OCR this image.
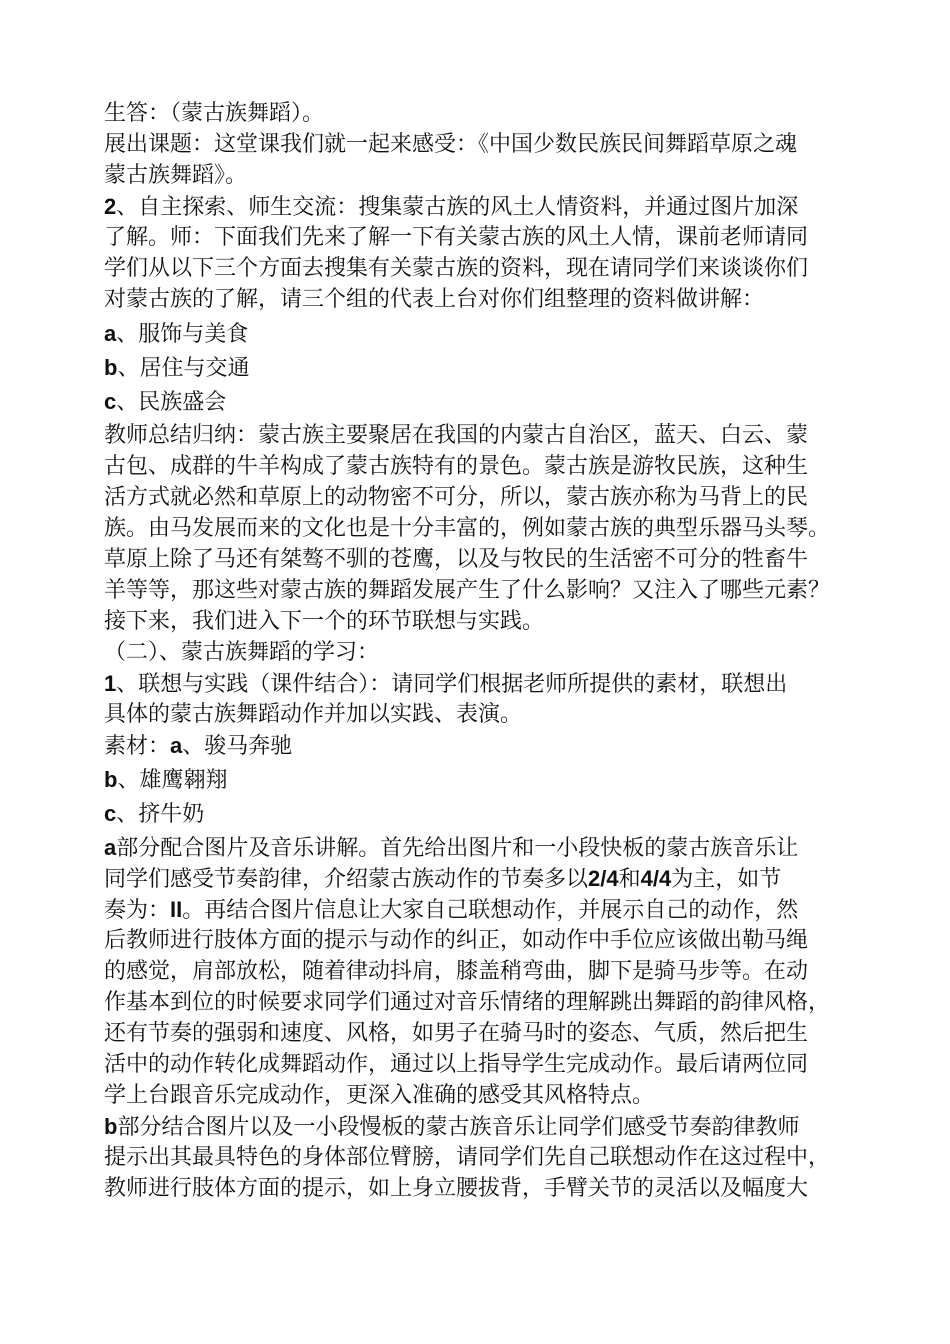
生答：（蒙古族舞蹈）。
展出课题：这堂课我们就一起来感受：《中国少数民族民间舞蹈草原之魂
蒙古族舞蹈》。
2、自主探索、师生交流：搜集蒙古族的风土人情资料，并通过图片加深
了解。师：下面我们先来了解一下有关蒙古族的风土人情，课前老师请同
学们从以下三个方面去搜集有关蒙古族的资料，现在请同学们来谈谈你们
对蒙古族的了解，请三个组的代表上台对你们组整理的资料做讲解：
a、服饰与美食
b、居住与交通
c、民族盛会
教师总结归纳：蒙古族主要聚居在我国的内蒙古自治区，蓝天、白云、蒙
古包、成群的牛羊构成了蒙古族特有的景色。蒙古族是游牧民族，这种生
活方式就必然和草原上的动物密不可分，所以，蒙古族亦称为马背上的民
族。由马发展而来的文化也是十分丰富的，例如蒙古族的典型乐器马头琴。
草原上除了马还有桀骜不驯的苍鹰，以及与牧民的生活密不可分的牲畜牛
羊等等，那这些对蒙古族的舞蹈发展产生了什么影响？又注入了哪些元素？
接下来，我们进入下一个的环节联想与实践。
（二）、蒙古族舞蹈的学习：
1、联想与实践（课件结合）：请同学们根据老师所提供的素材，联想出
具体的蒙古族舞蹈动作并加以实践、表演。
素材：a、骏马奔驰
b、雄鹰翱翔
c、挤牛奶
a部分配合图片及音乐讲解。首先给出图片和一小段快板的蒙古族音乐让
同学们感受节奏韵律，介绍蒙古族动作的节奏多以2/4和4/4为主，如节
奏为：II。再结合图片信息让大家自己联想动作，并展示自己的动作，然
后教师进行肢体方面的提示与动作的纠正，如动作中手位应该做出勒马绳
的感觉，肩部放松，随着律动抖肩，膝盖稍弯曲，脚下是骑马步等。在动
作基本到位的时候要求同学们通过对音乐情绪的理解跳出舞蹈的韵律风格，
还有节奏的强弱和速度、风格，如男子在骑马时的姿态、气质，然后把生
活中的动作转化成舞蹈动作，通过以上指导学生完成动作。最后请两位同
学上台跟音乐完成动作，更深入准确的感受其风格特点。
b部分结合图片以及一小段慢板的蒙古族音乐让同学们感受节奏韵律教师
提示出其最具特色的身体部位臂膀，请同学们先自己联想动作在这过程中，
教师进行肢体方面的提示，如上身立腰拔背，手臂关节的灵活以及幅度大
